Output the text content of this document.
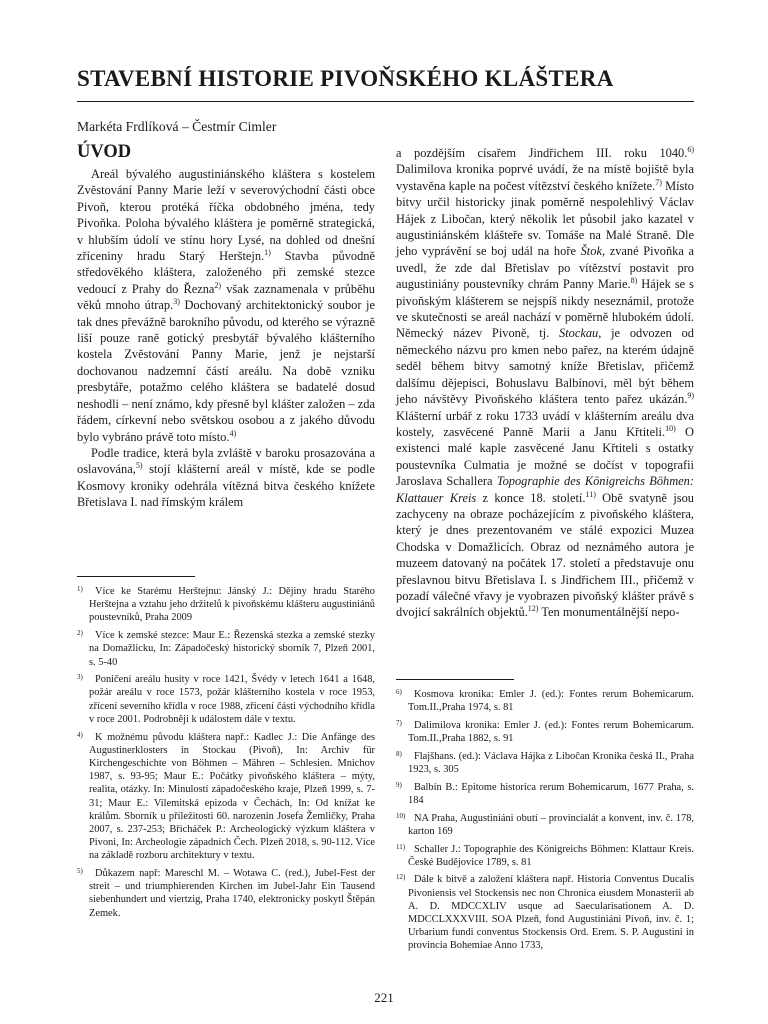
STAVEBNÍ HISTORIE PIVOŇSKÉHO KLÁŠTERA
Markéta Frdlíková – Čestmír Cimler
ÚVOD

Areál bývalého augustiniánského kláštera s kostelem Zvěstování Panny Marie leží v severovýchodní části obce Pivoň, kterou protéká říčka obdobného jména, tedy Pivoňka. Poloha bývalého kláštera je poměrně strategická, v hlubším údolí ve stínu hory Lysé, na dohled od dnešní zříceniny hradu Starý Herštejn.$^{1)}$ Stavba původně středověkého kláštera, založeného při zemské stezce vedoucí z Prahy do Řezna$^{2)}$ však zaznamenala v průběhu věků mnoho útrap.$^{3)}$ Dochovaný architektonický soubor je tak dnes převážně barokního původu, od kterého se výrazně liší pouze raně gotický presbytář bývalého klášterního kostela Zvěstování Panny Marie, jenž je nejstarší dochovanou nadzemní částí areálu. Na době vzniku presbytáře, potažmo celého kláštera se badatelé dosud neshodli – není známo, kdy přesně byl klášter založen – zda řádem, církevní nebo světskou osobou a z jakého důvodu bylo vybráno právě toto místo.$^{4)}$

Podle tradice, která byla zvláště v baroku prosazována a oslavována,$^{5)}$ stojí klášterní areál v místě, kde se podle Kosmovy kroniky odehrála vítězná bitva českého knížete Břetislava I. nad římským králem

a pozdějším císařem Jindřichem III. roku 1040.$^{6)}$ Dalimilova kronika poprvé uvádí, že na místě bojiště byla vystavěna kaple na počest vítězství českého knížete.$^{7)}$ Místo bitvy určil historicky jinak poměrně nespolehlivý Václav Hájek z Libočan, který několik let působil jako kazatel v augustiniánském klášteře sv. Tomáše na Malé Straně. Dle jeho vyprávění se boj udál na hoře Štok, zvané Pivoňka a uvedl, že zde dal Břetislav po vítězství postavit pro augustiniány poustevníky chrám Panny Marie.$^{8)}$ Hájek se s pivoňským klášterem se nejspíš nikdy neseznámil, protože ve skutečnosti se areál nachází v poměrně hlubokém údolí. Německý název Pivoně, tj. Stockau, je odvozen od německého názvu pro kmen nebo pařez, na kterém údajně seděl během bitvy samotný kníže Břetislav, přičemž dalšímu dějepisci, Bohuslavu Balbínovi, měl být během jeho návštěvy Pivoňského kláštera tento pařez ukázán.$^{9)}$ Klášterní urbář z roku 1733 uvádí v klášterním areálu dva kostely, zasvěcené Panně Marii a Janu Křtiteli.$^{10)}$ O existenci malé kaple zasvěcené Janu Křtiteli s ostatky poustevníka Culmatia je možné se dočíst v topografii Jaroslava Schallera Topographie des Königreichs Böhmen: Klattauer Kreis z konce 18. století.$^{11)}$ Obě svatyně jsou zachyceny na obraze pocházejícím z pivoňského kláštera, který je dnes prezentovaném ve stálé expozici Muzea Chodska v Domažlicích. Obraz od neznámého autora je muzeem datovaný na počátek 17. století a představuje onu přeslavnou bitvu Břetislava I. s Jindřichem III., přičemž v pozadí válečné vřavy je vyobrazen pivoňský klášter právě s dvojicí sakrálních objektů.$^{12)}$ Ten monumentálnější nepo-

1) Více ke Starému Herštejnu: Jánský J.: Dějiny hradu Starého Herštejna a vztahu jeho držitelů k pivoňskému klášteru augustiniánů poustevníků, Praha 2009

2) Více k zemské stezce: Maur E.: Řezenská stezka a zemské stezky na Domažlicku, In: Západočeský historický sborník 7, Plzeň 2001, s. 5-40

3) Poničení areálu husity v roce 1421, Švédy v letech 1641 a 1648, požár areálu v roce 1573, požár klášterního kostela v roce 1953, zřícení severního křídla v roce 1988, zřícení části východního křídla v roce 2001. Podrobněji k událostem dále v textu.

4) K možnému původu kláštera např.: Kadlec J.: Die Anfänge des Augustinerklosters in Stockau (Pivoň), In: Archiv für Kirchengeschichte von Böhmen – Mähren – Schlesien. Mnichov 1987, s. 93-95; Maur E.: Počátky pivoňského kláštera – mýty, realita, otázky. In: Minulostí západočeského kraje, Plzeň 1999, s. 7-31; Maur E.: Vilemitská epizoda v Čechách, In: Od knížat ke králům. Sborník u příležitosti 60. narozenin Josefa Žemličky, Praha 2007, s. 237-253; Břicháček P.: Archeologický výzkum kláštera v Pivoni, In: Archeologie západních Čech. Plzeň 2018, s. 90-112. Více na základě rozboru architektury v textu.

5) Důkazem např: Mareschl M. – Wotawa C. (red.), Jubel-Fest der streit – und triumphierenden Kirchen im Jubel-Jahr Ein Tausend siebenhundert und viertzig, Praha 1740, elektronicky poskytl Štěpán Zemek.

6) Kosmova kronika: Emler J. (ed.): Fontes rerum Bohemicarum. Tom.II.,Praha 1974, s. 81

7) Dalimilova kronika: Emler J. (ed.): Fontes rerum Bohemicarum. Tom.II.,Praha 1882, s. 91

8) Flajšhans. (ed.): Václava Hájka z Libočan Kronika česká II., Praha 1923, s. 305

9) Balbín B.: Epitome historica rerum Bohemicarum, 1677 Praha, s. 184

10) NA Praha, Augustiniáni obutí – provincialát a konvent, inv. č. 178, karton 169

11) Schaller J.: Topographie des Königreichs Böhmen: Klattaur Kreis. České Budějovice 1789, s. 81

12) Dále k bitvě a založení kláštera např. Historia Conventus Ducalis Pivoniensis vel Stockensis nec non Chronica eiusdem Monasterii ab A. D. MDCCXLIV usque ad Saecularisationem A. D. MDCCLXXXVIII. SOA Plzeň, fond Augustiniáni Pivoň, inv. č. 1; Urbarium fundi conventus Stockensis Ord. Erem. S. P. Augustini in provincia Bohemiae Anno 1733,

221
